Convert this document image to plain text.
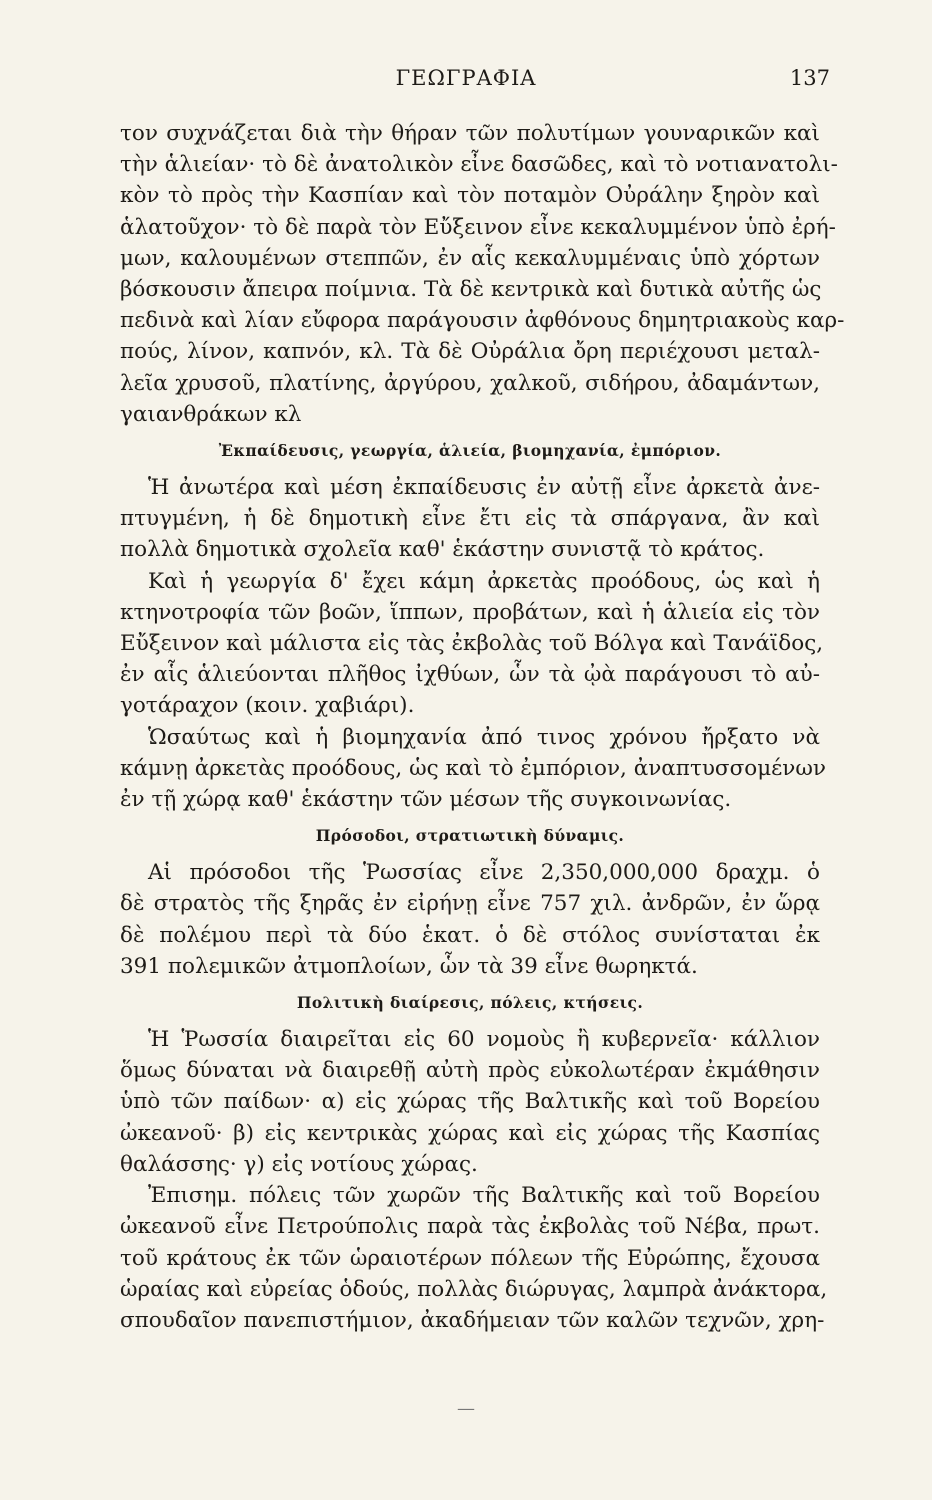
ΓΕΩΓΡΑΦΙΑ	137

τον συχνάζεται διὰ τὴν θήραν τῶν πολυτίμων γουναρικῶν καὶ
τὴν ἁλιείαν· τὸ δὲ ἀνατολικὸν εἶνε δασῶδες, καὶ τὸ νοτιανατολι-
κὸν τὸ πρὸς τὴν Κασπίαν καὶ τὸν ποταμὸν Οὐράλην ξηρὸν καὶ
ἁλατοῦχον· τὸ δὲ παρὰ τὸν Εὔξεινον εἶνε κεκαλυμμένον ὑπὸ ἐρή-
μων, καλουμένων στεππῶν, ἐν αἷς κεκαλυμμέναις ὑπὸ χόρτων
βόσκουσιν ἄπειρα ποίμνια. Τὰ δὲ κεντρικὰ καὶ δυτικὰ αὐτῆς ὡς
πεδινὰ καὶ λίαν εὔφορα παράγουσιν ἀφθόνους δημητριακοὺς καρ-
πούς, λίνον, καπνόν, κλ. Τὰ δὲ Οὐράλια ὄρη περιέχουσι μεταλ-
λεῖα χρυσοῦ, πλατίνης, ἀργύρου, χαλκοῦ, σιδήρου, ἀδαμάντων,
γαιανθράκων κλ

Ἐκπαίδευσις, γεωργία, ἁλιεία, βιομηχανία, ἐμπόριον.

Ἡ ἀνωτέρα καὶ μέση ἐκπαίδευσις ἐν αὐτῇ εἶνε ἀρκετὰ ἀνε-
πτυγμένη, ἡ δὲ δημοτικὴ εἶνε ἔτι εἰς τὰ σπάργανα, ἂν καὶ
πολλὰ δημοτικὰ σχολεῖα καθ' ἑκάστην συνιστᾷ τὸ κράτος.

Καὶ ἡ γεωργία δ' ἔχει κάμη ἀρκετὰς προόδους, ὡς καὶ ἡ
κτηνοτροφία τῶν βοῶν, ἵππων, προβάτων, καὶ ἡ ἁλιεία εἰς τὸν
Εὔξεινον καὶ μάλιστα εἰς τὰς ἐκβολὰς τοῦ Βόλγα καὶ Τανάϊδος,
ἐν αἷς ἁλιεύονται πλῆθος ἰχθύων, ὧν τὰ ᾠὰ παράγουσι τὸ αὐ-
γοτάραχον (κοιν. χαβιάρι).

Ὡσαύτως καὶ ἡ βιομηχανία ἀπό τινος χρόνου ἤρξατο νὰ
κάμνῃ ἀρκετὰς προόδους, ὡς καὶ τὸ ἐμπόριον, ἀναπτυσσομένων
ἐν τῇ χώρᾳ καθ' ἑκάστην τῶν μέσων τῆς συγκοινωνίας.

Πρόσοδοι, στρατιωτικὴ δύναμις.

Αἱ πρόσοδοι τῆς Ῥωσσίας εἶνε 2,350,000,000 δραχμ. ὁ
δὲ στρατὸς τῆς ξηρᾶς ἐν εἰρήνῃ εἶνε 757 χιλ. ἀνδρῶν, ἐν ὥρᾳ
δὲ πολέμου περὶ τὰ δύο ἑκατ. ὁ δὲ στόλος συνίσταται ἐκ
391 πολεμικῶν ἀτμοπλοίων, ὧν τὰ 39 εἶνε θωρηκτά.

Πολιτικὴ διαίρεσις, πόλεις, κτήσεις.

Ἡ Ῥωσσία διαιρεῖται εἰς 60 νομοὺς ἢ κυβερνεῖα· κάλλιον
ὅμως δύναται νὰ διαιρεθῇ αὐτὴ πρὸς εὐκολωτέραν ἐκμάθησιν
ὑπὸ τῶν παίδων· α) εἰς χώρας τῆς Βαλτικῆς καὶ τοῦ Βορείου
ὠκεανοῦ· β) εἰς κεντρικὰς χώρας καὶ εἰς χώρας τῆς Κασπίας
θαλάσσης· γ) εἰς νοτίους χώρας.

Ἐπισημ. πόλεις τῶν χωρῶν τῆς Βαλτικῆς καὶ τοῦ Βορείου
ὠκεανοῦ εἶνε Πετρούπολις παρὰ τὰς ἐκβολὰς τοῦ Νέβα, πρωτ.
τοῦ κράτους ἐκ τῶν ὡραιοτέρων πόλεων τῆς Εὐρώπης, ἔχουσα
ὡραίας καὶ εὐρείας ὁδούς, πολλὰς διώρυγας, λαμπρὰ ἀνάκτορα,
σπουδαῖον πανεπιστήμιον, ἀκαδήμειαν τῶν καλῶν τεχνῶν, χρη-

—
